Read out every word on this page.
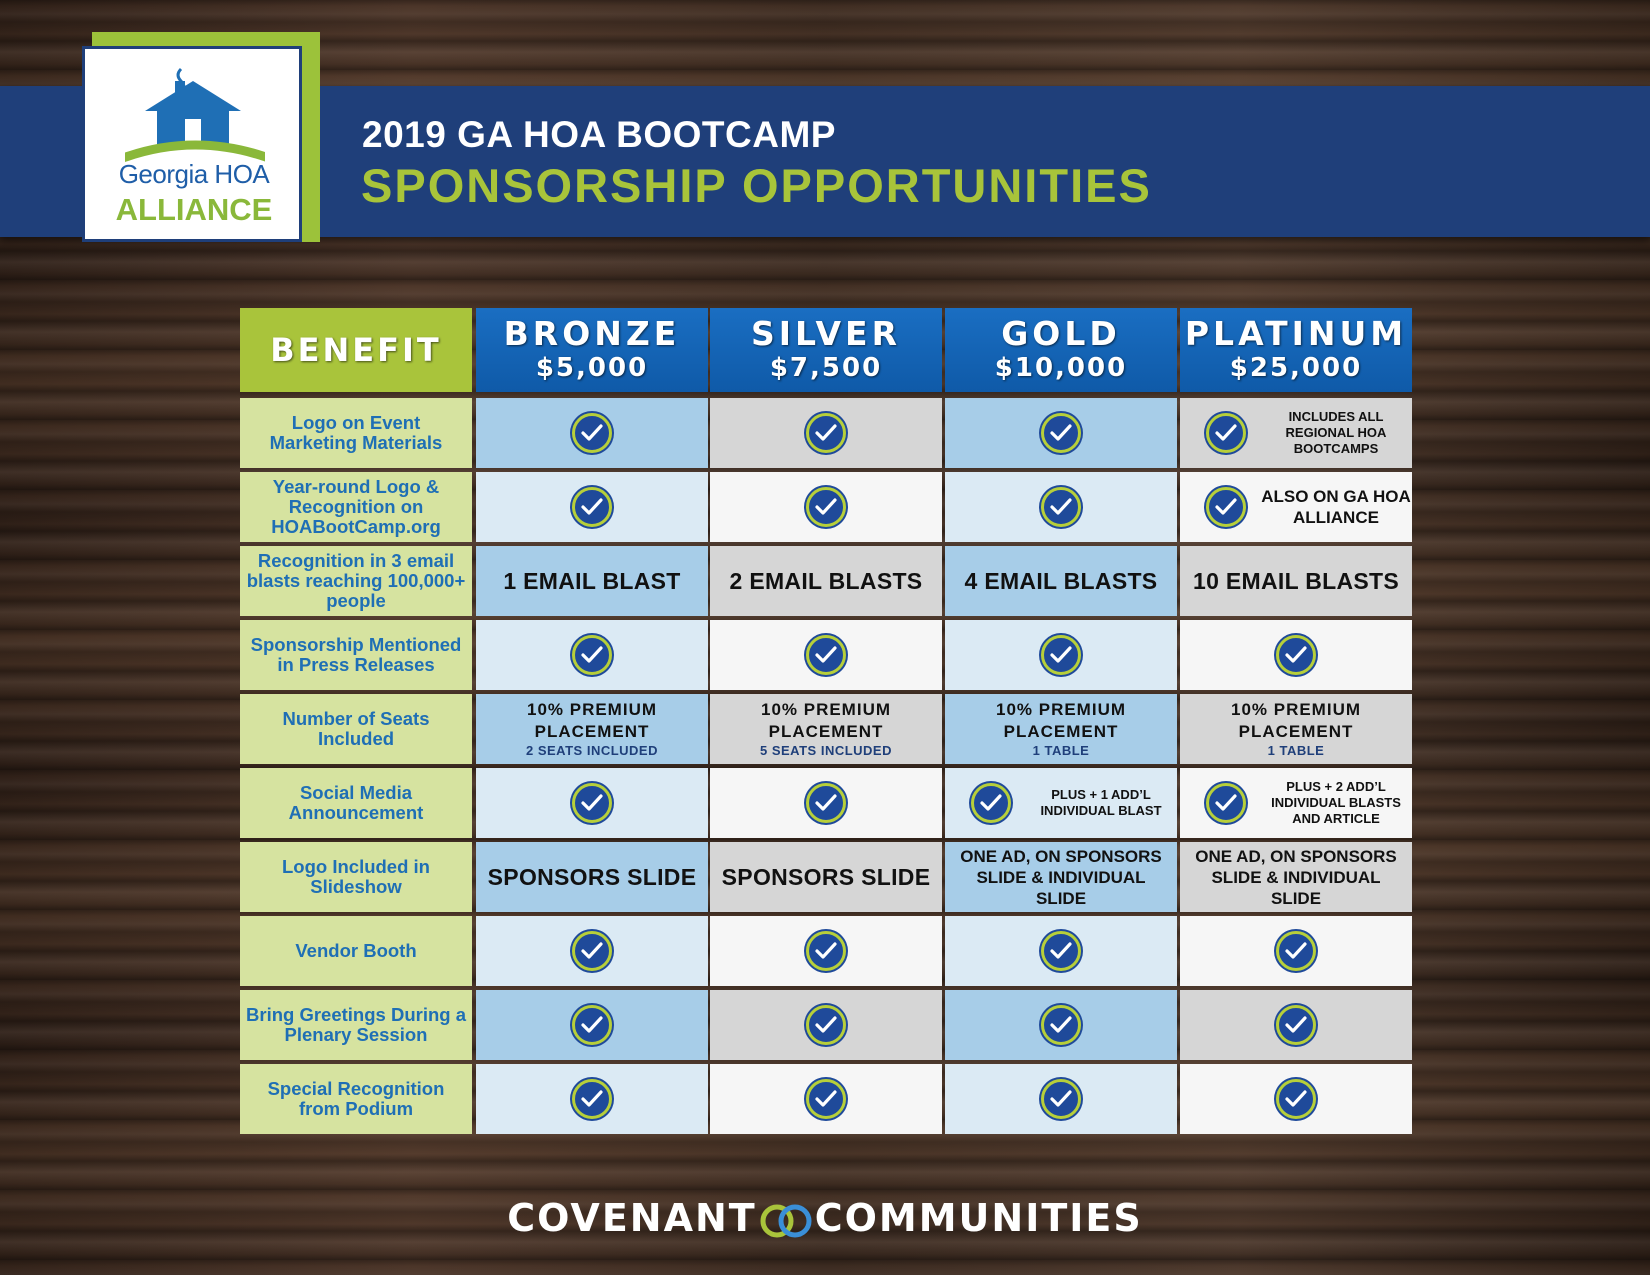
Georgia HOA
ALLIANCE
2019 GA HOA BOOTCAMP
SPONSORSHIP OPPORTUNITIES
BENEFIT	BRONZE
$5,000
SILVER
$7,500
GOLD
$10,000
PLATINUM
$25,000
Logo on Event Marketing Materials
INCLUDES ALL REGIONAL HOA BOOTCAMPS
Year-round Logo & Recognition on HOABootCamp.org
ALSO ON GA HOA ALLIANCE
Recognition in 3 email blasts reaching 100,000+ people
1 EMAIL BLAST 2 EMAIL BLASTS 4 EMAIL BLASTS 10 EMAIL BLASTS
Sponsorship Mentioned in Press Releases
Number of Seats Included
10% PREMIUM PLACEMENT
2 SEATS INCLUDED
10% PREMIUM PLACEMENT
5 SEATS INCLUDED
10% PREMIUM PLACEMENT
1 TABLE
10% PREMIUM PLACEMENT
1 TABLE
Social Media Announcement
PLUS + 1 ADD’L INDIVIDUAL BLAST
PLUS + 2 ADD’L INDIVIDUAL BLASTS AND ARTICLE
Logo Included in Slideshow	SPONSORS SLIDE SPONSORS SLIDE
ONE AD, ON SPONSORS SLIDE & INDIVIDUAL SLIDE
ONE AD, ON SPONSORS SLIDE & INDIVIDUAL SLIDE
Vendor Booth
Bring Greetings During a Plenary Session
Special Recognition from Podium
COVENANT COMMUNITIES
